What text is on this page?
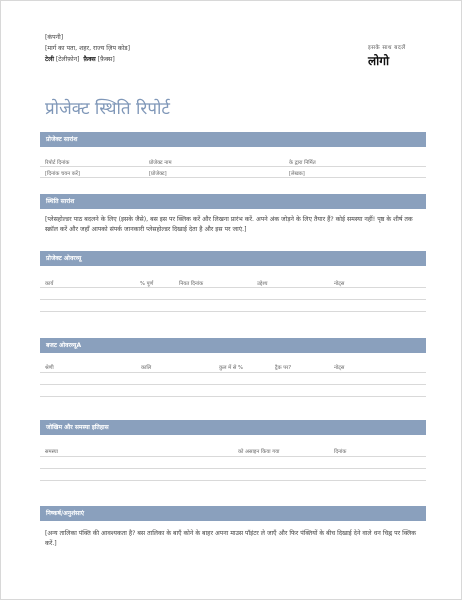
[कंपनी]
[मार्ग का पता, शहर, राज्य ज़िप कोड]
टेली [टेलीफ़ोन] फ़ैक्स [फ़ैक्स]
इसके साथ बदलें
लोगो
प्रोजेक्ट स्थिति रिपोर्ट
प्रोजेक्ट सारांश
रिपोर्ट दिनांक	प्रोजेक्ट नाम	के द्वारा निर्मित
[दिनांक चयन करें]	[प्रोजेक्ट]	[लेखक]
स्थिति सारांश
[प्लेसहोल्डर पाठ बदलने के लिए (इसके जैसे), बस इस पर क्लिक करें और लिखना प्रारंभ करें. अपने अंक जोड़ने के लिए तैयार हैं? कोई समस्या नहीं! पृष्ठ के शीर्ष तक स्क्रॉल करें और जहाँ आपको संपर्क जानकारी प्लेसहोल्डर दिखाई देता है और इस पर जाएं.]
प्रोजेक्ट ओवरव्यू
कार्य	% पूर्ण	नियत दिनांक	उद्देश्य	नोट्स
बजट ओवरव्यूA
श्रेणी	कालि	कुल में से %	ट्रैक पर?	नोट्स
जोखिम और समस्या इतिहास
समस्या	को असाइन किया गया	दिनांक
निष्कर्ष/अनुशंसाएं
[अन्य तालिका पंक्ति की आवश्यकता है? बस तालिका के बाएँ कोने के बाहर अपना माउस पॉइंटर ले जाएँ और फिर पंक्तियों के बीच दिखाई देने वाले धन चिह्न पर क्लिक करें.]
